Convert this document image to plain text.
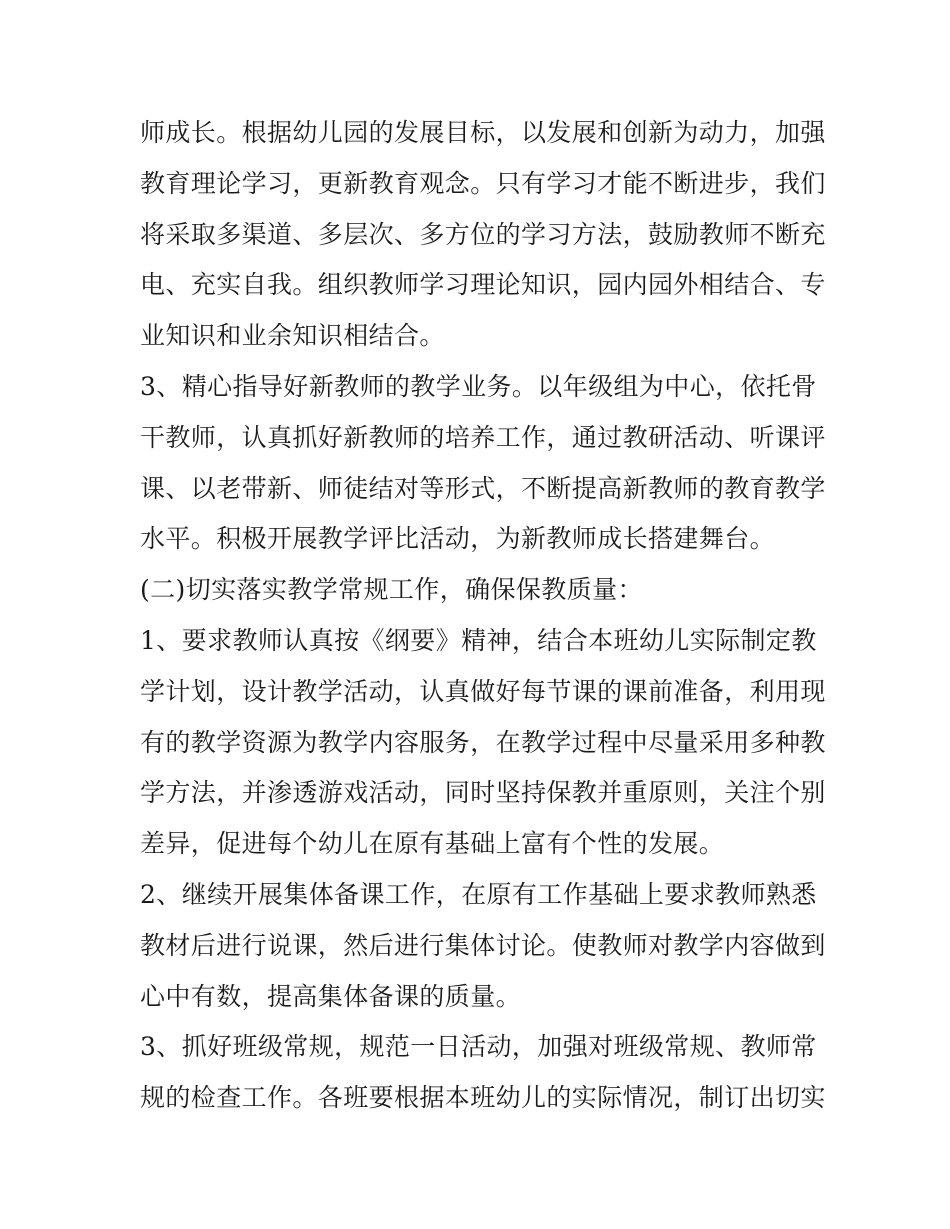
师成长。根据幼儿园的发展目标，以发展和创新为动力，加强
教育理论学习，更新教育观念。只有学习才能不断进步，我们
将采取多渠道、多层次、多方位的学习方法，鼓励教师不断充
电、充实自我。组织教师学习理论知识，园内园外相结合、专
业知识和业余知识相结合。
3、精心指导好新教师的教学业务。以年级组为中心，依托骨
干教师，认真抓好新教师的培养工作，通过教研活动、听课评
课、以老带新、师徒结对等形式，不断提高新教师的教育教学
水平。积极开展教学评比活动，为新教师成长搭建舞台。
(二)切实落实教学常规工作，确保保教质量：
1、要求教师认真按《纲要》精神，结合本班幼儿实际制定教
学计划，设计教学活动，认真做好每节课的课前准备，利用现
有的教学资源为教学内容服务，在教学过程中尽量采用多种教
学方法，并渗透游戏活动，同时坚持保教并重原则，关注个别
差异，促进每个幼儿在原有基础上富有个性的发展。
2、继续开展集体备课工作，在原有工作基础上要求教师熟悉
教材后进行说课，然后进行集体讨论。使教师对教学内容做到
心中有数，提高集体备课的质量。
3、抓好班级常规，规范一日活动，加强对班级常规、教师常
规的检查工作。各班要根据本班幼儿的实际情况，制订出切实
